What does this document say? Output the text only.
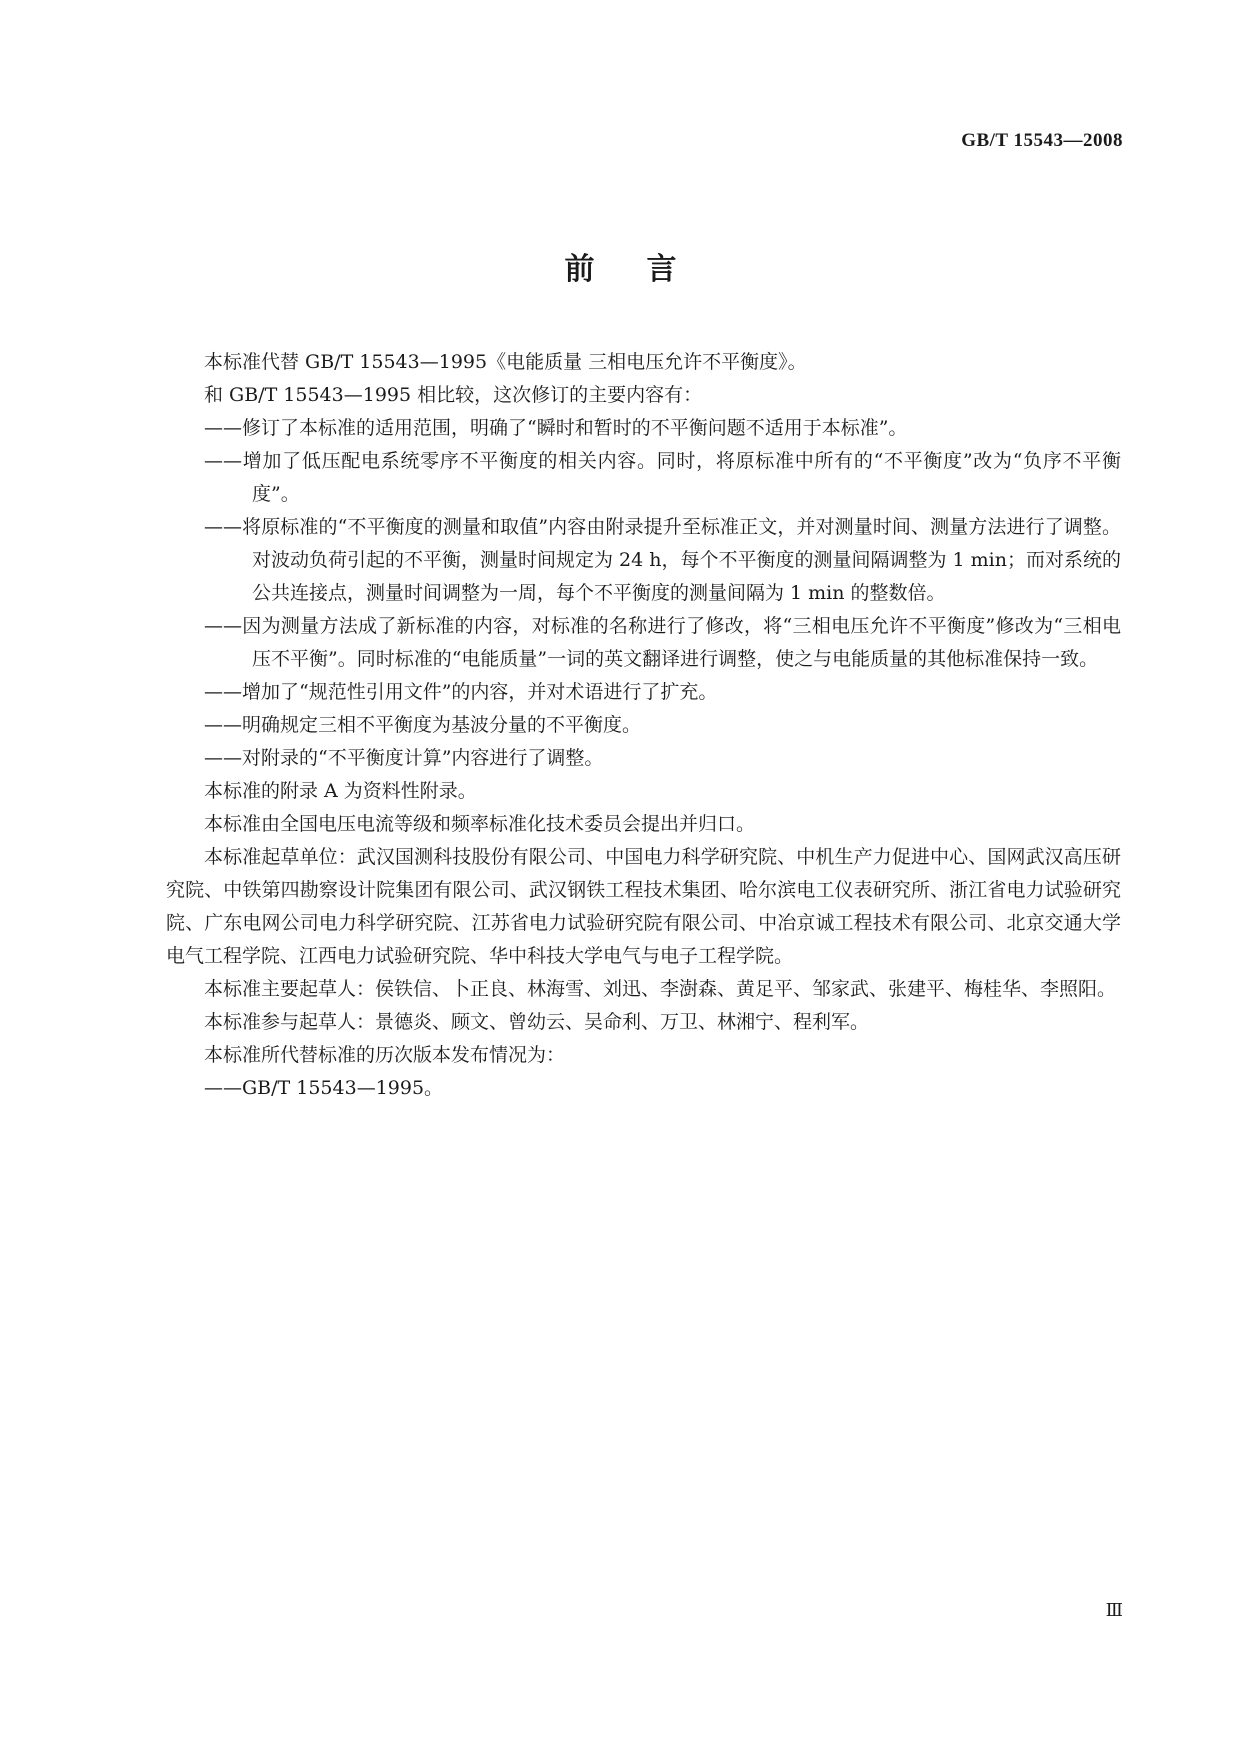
GB/T 15543—2008
前言

本标准代替 GB/T 15543—1995《电能质量 三相电压允许不平衡度》。

和 GB/T 15543—1995 相比较，这次修订的主要内容有：

——修订了本标准的适用范围，明确了“瞬时和暂时的不平衡问题不适用于本标准”。

——增加了低压配电系统零序不平衡度的相关内容。同时，将原标准中所有的“不平衡度”改为“负序不平衡度”。

——将原标准的“不平衡度的测量和取值”内容由附录提升至标准正文，并对测量时间、测量方法进行了调整。对波动负荷引起的不平衡，测量时间规定为 24 h，每个不平衡度的测量间隔调整为 1 min；而对系统的公共连接点，测量时间调整为一周，每个不平衡度的测量间隔为 1 min 的整数倍。

——因为测量方法成了新标准的内容，对标准的名称进行了修改，将“三相电压允许不平衡度”修改为“三相电压不平衡”。同时标准的“电能质量”一词的英文翻译进行调整，使之与电能质量的其他标准保持一致。

——增加了“规范性引用文件”的内容，并对术语进行了扩充。

——明确规定三相不平衡度为基波分量的不平衡度。

——对附录的“不平衡度计算”内容进行了调整。

本标准的附录 A 为资料性附录。

本标准由全国电压电流等级和频率标准化技术委员会提出并归口。

本标准起草单位：武汉国测科技股份有限公司、中国电力科学研究院、中机生产力促进中心、国网武汉高压研究院、中铁第四勘察设计院集团有限公司、武汉钢铁工程技术集团、哈尔滨电工仪表研究所、浙江省电力试验研究院、广东电网公司电力科学研究院、江苏省电力试验研究院有限公司、中冶京诚工程技术有限公司、北京交通大学电气工程学院、江西电力试验研究院、华中科技大学电气与电子工程学院。

本标准主要起草人：侯铁信、卜正良、林海雪、刘迅、李澍森、黄足平、邹家武、张建平、梅桂华、李照阳。

本标准参与起草人：景德炎、顾文、曾幼云、吴命利、万卫、林湘宁、程利军。

本标准所代替标准的历次版本发布情况为：

——GB/T 15543—1995。

Ⅲ
